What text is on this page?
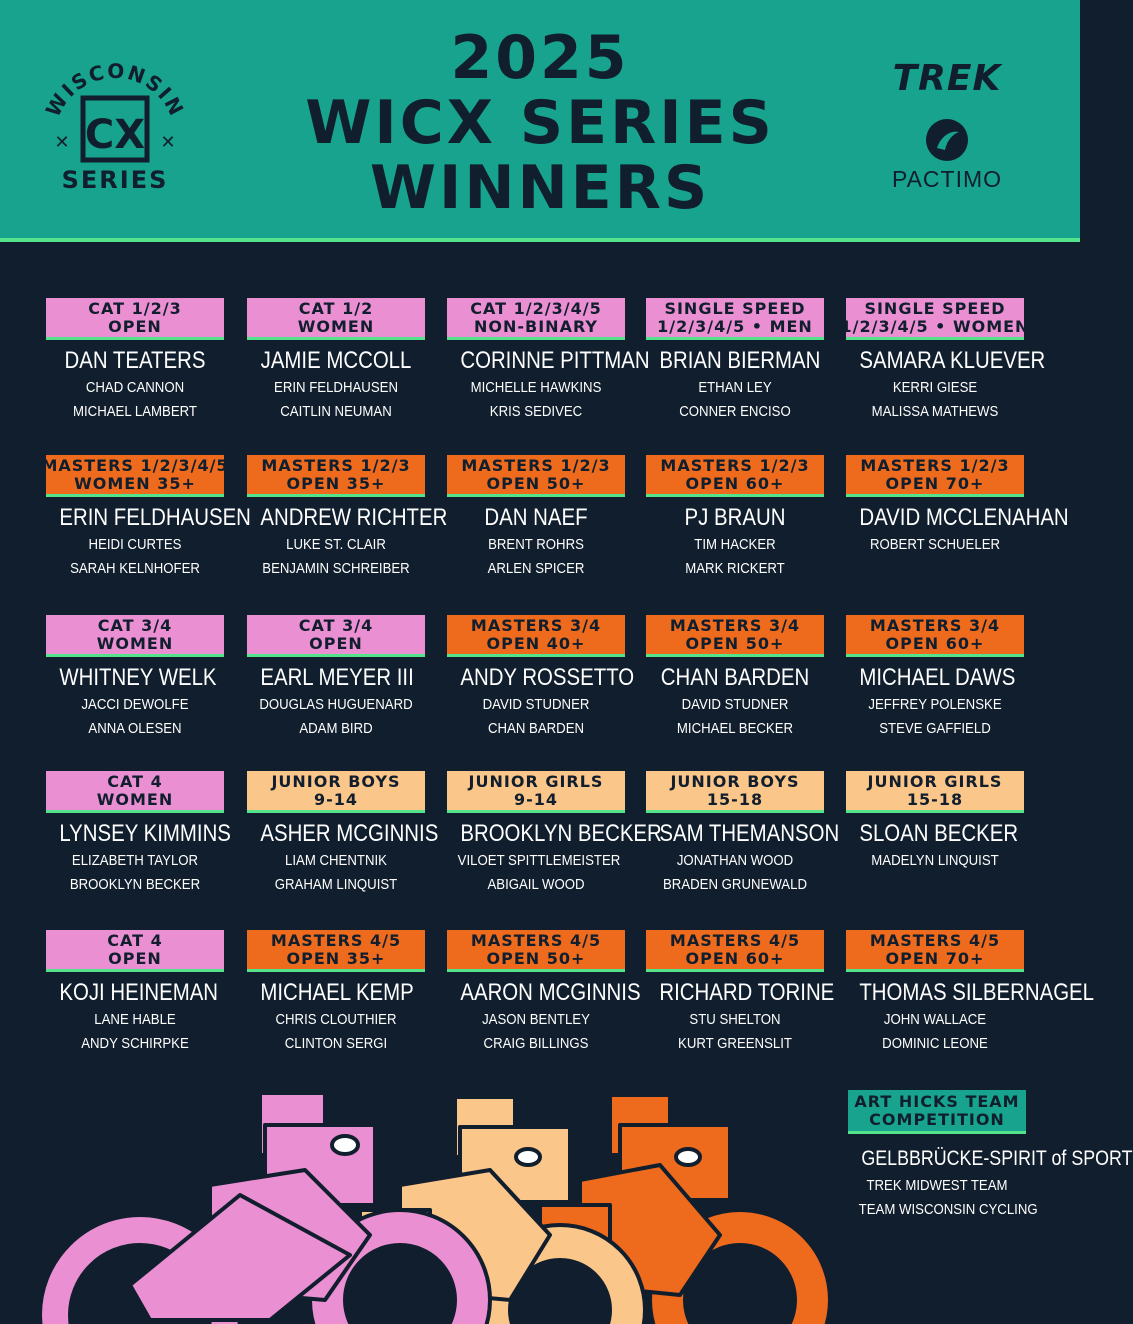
WISCONSIN
CX
✕	✕
SERIES
2025
WICX SERIES
WINNERS
TREK
PACTIMO
CAT 1/2/3
OPEN
DAN TEATERS
CHAD CANNON
MICHAEL LAMBERT
CAT 1/2
WOMEN
JAMIE MCCOLL
ERIN FELDHAUSEN
CAITLIN NEUMAN
CAT 1/2/3/4/5
NON-BINARY
CORINNE PITTMAN
MICHELLE HAWKINS
KRIS SEDIVEC
SINGLE SPEED
1/2/3/4/5 • MEN
BRIAN BIERMAN
ETHAN LEY
CONNER ENCISO
SINGLE SPEED
1/2/3/4/5 • WOMEN
SAMARA KLUEVER
KERRI GIESE
MALISSA MATHEWS
MASTERS 1/2/3/4/5
WOMEN 35+
ERIN FELDHAUSEN
HEIDI CURTES
SARAH KELNHOFER
MASTERS 1/2/3
OPEN 35+
ANDREW RICHTER
LUKE ST. CLAIR
BENJAMIN SCHREIBER
MASTERS 1/2/3
OPEN 50+
DAN NAEF
BRENT ROHRS
ARLEN SPICER
MASTERS 1/2/3
OPEN 60+
PJ BRAUN
TIM HACKER
MARK RICKERT
MASTERS 1/2/3
OPEN 70+
DAVID MCCLENAHAN
ROBERT SCHUELER
CAT 3/4
WOMEN
WHITNEY WELK
JACCI DEWOLFE
ANNA OLESEN
CAT 3/4
OPEN
EARL MEYER III
DOUGLAS HUGUENARD
ADAM BIRD
MASTERS 3/4
OPEN 40+
ANDY ROSSETTO
DAVID STUDNER
CHAN BARDEN
MASTERS 3/4
OPEN 50+
CHAN BARDEN
DAVID STUDNER
MICHAEL BECKER
MASTERS 3/4
OPEN 60+
MICHAEL DAWS
JEFFREY POLENSKE
STEVE GAFFIELD
CAT 4
WOMEN
LYNSEY KIMMINS
ELIZABETH TAYLOR
BROOKLYN BECKER
JUNIOR BOYS
9-14
ASHER MCGINNIS
LIAM CHENTNIK
GRAHAM LINQUIST
JUNIOR GIRLS
9-14
BROOKLYN BECKER
VILOET SPITTLEMEISTER
ABIGAIL WOOD
JUNIOR BOYS
15-18
SAM THEMANSON
JONATHAN WOOD
BRADEN GRUNEWALD
JUNIOR GIRLS
15-18
SLOAN BECKER
MADELYN LINQUIST
CAT 4
OPEN
KOJI HEINEMAN
LANE HABLE
ANDY SCHIRPKE
MASTERS 4/5
OPEN 35+
MICHAEL KEMP
CHRIS CLOUTHIER
CLINTON SERGI
MASTERS 4/5
OPEN 50+
AARON MCGINNIS
JASON BENTLEY
CRAIG BILLINGS
MASTERS 4/5
OPEN 60+
RICHARD TORINE
STU SHELTON
KURT GREENSLIT
MASTERS 4/5
OPEN 70+
THOMAS SILBERNAGEL
JOHN WALLACE
DOMINIC LEONE
ART HICKS TEAM
COMPETITION
GELBBRÜCKE-SPIRIT of SPORT
TREK MIDWEST TEAM
TEAM WISCONSIN CYCLING
